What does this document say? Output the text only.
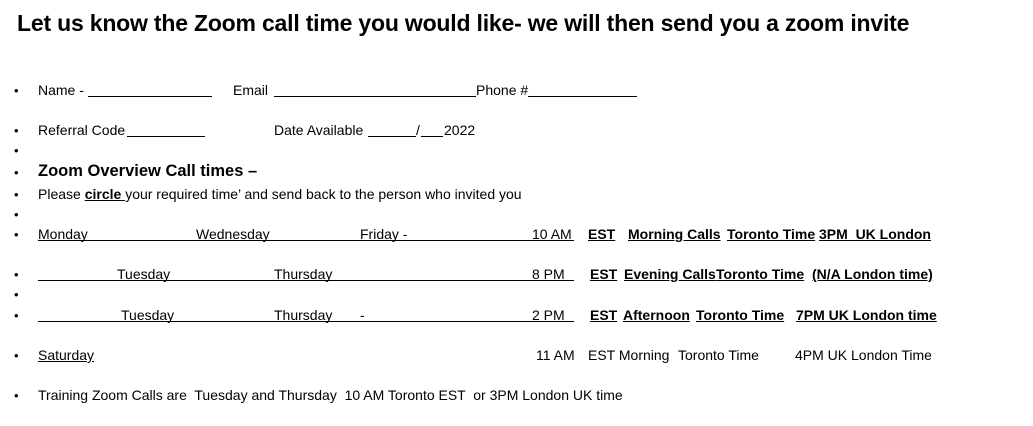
Let us know the Zoom call time you would like- we will then send you a zoom invite
• Name -	Email	Phone #
• Referral Code	Date Available	/ 2022
•
• Zoom Overview Call times –
• Please circle your required time’ and send back to the person who invited you
•
• Monday	Wednesday	Friday -	10 AM EST Morning Calls Toronto Time 3PM  UK London
•	Tuesday	Thursday	8 PM EST Evening Calls Toronto Time (N/A London time)
•
•	Tuesday	Thursday -	2 PM EST Afternoon Toronto Time 7PM UK London time
• Saturday	11 AM EST Morning Toronto Time	4PM UK London Time
• Training Zoom Calls are  Tuesday and Thursday  10 AM Toronto EST  or 3PM London UK time
